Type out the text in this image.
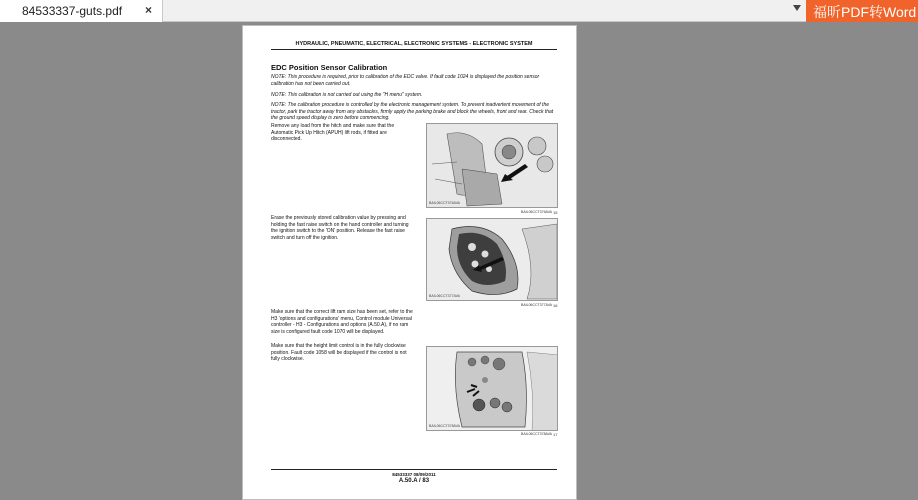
84533337-guts.pdf ×	福昕PDF转Word
HYDRAULIC, PNEUMATIC, ELECTRICAL, ELECTRONIC SYSTEMS - ELECTRONIC SYSTEM
EDC Position Sensor Calibration
NOTE: This procedure is required, prior to calibration of the EDC valve. If fault code 1024 is displayed the position sensor calibration has not been carried out.
NOTE: This calibration is not carried out using the "H menu" system.
NOTE: The calibration procedure is controlled by the electronic management system. To prevent inadvertent movement of the tractor, park the tractor away from any obstacles, firmly apply the parking brake and block the wheels, front and rear. Check that the ground speed display is zero before commencing.
Remove any load from the hitch and make sure that the Automatic Pick Up Hitch (APUH) lift rods, if fitted are disconnected.
Erase the previously stored calibration value by pressing and holding the fast raise switch on the hand controller and turning the ignition switch to the 'ON' position. Release the fast raise switch and turn off the ignition.
Make sure that the correct lift ram size has been set, refer to the H3 'options and configurations' menu, Control module Universal controller - H3 - Configurations and options (A.50.A), if no ram size is configured fault code 1070 will be displayed.
Make sure that the height limit control is in the fully clockwise position. Fault code 1058 will be displayed if the control is not fully clockwise.
BAIL06CCT376AVA
BAIL06CCT376AVA 15
BAIL06CCT377AVA
BAIL06CCT377AVA 16
BAIL06CCT378AVA
BAIL06CCT378AVA 17
84533337 08/09/2011
A.50.A / 83
